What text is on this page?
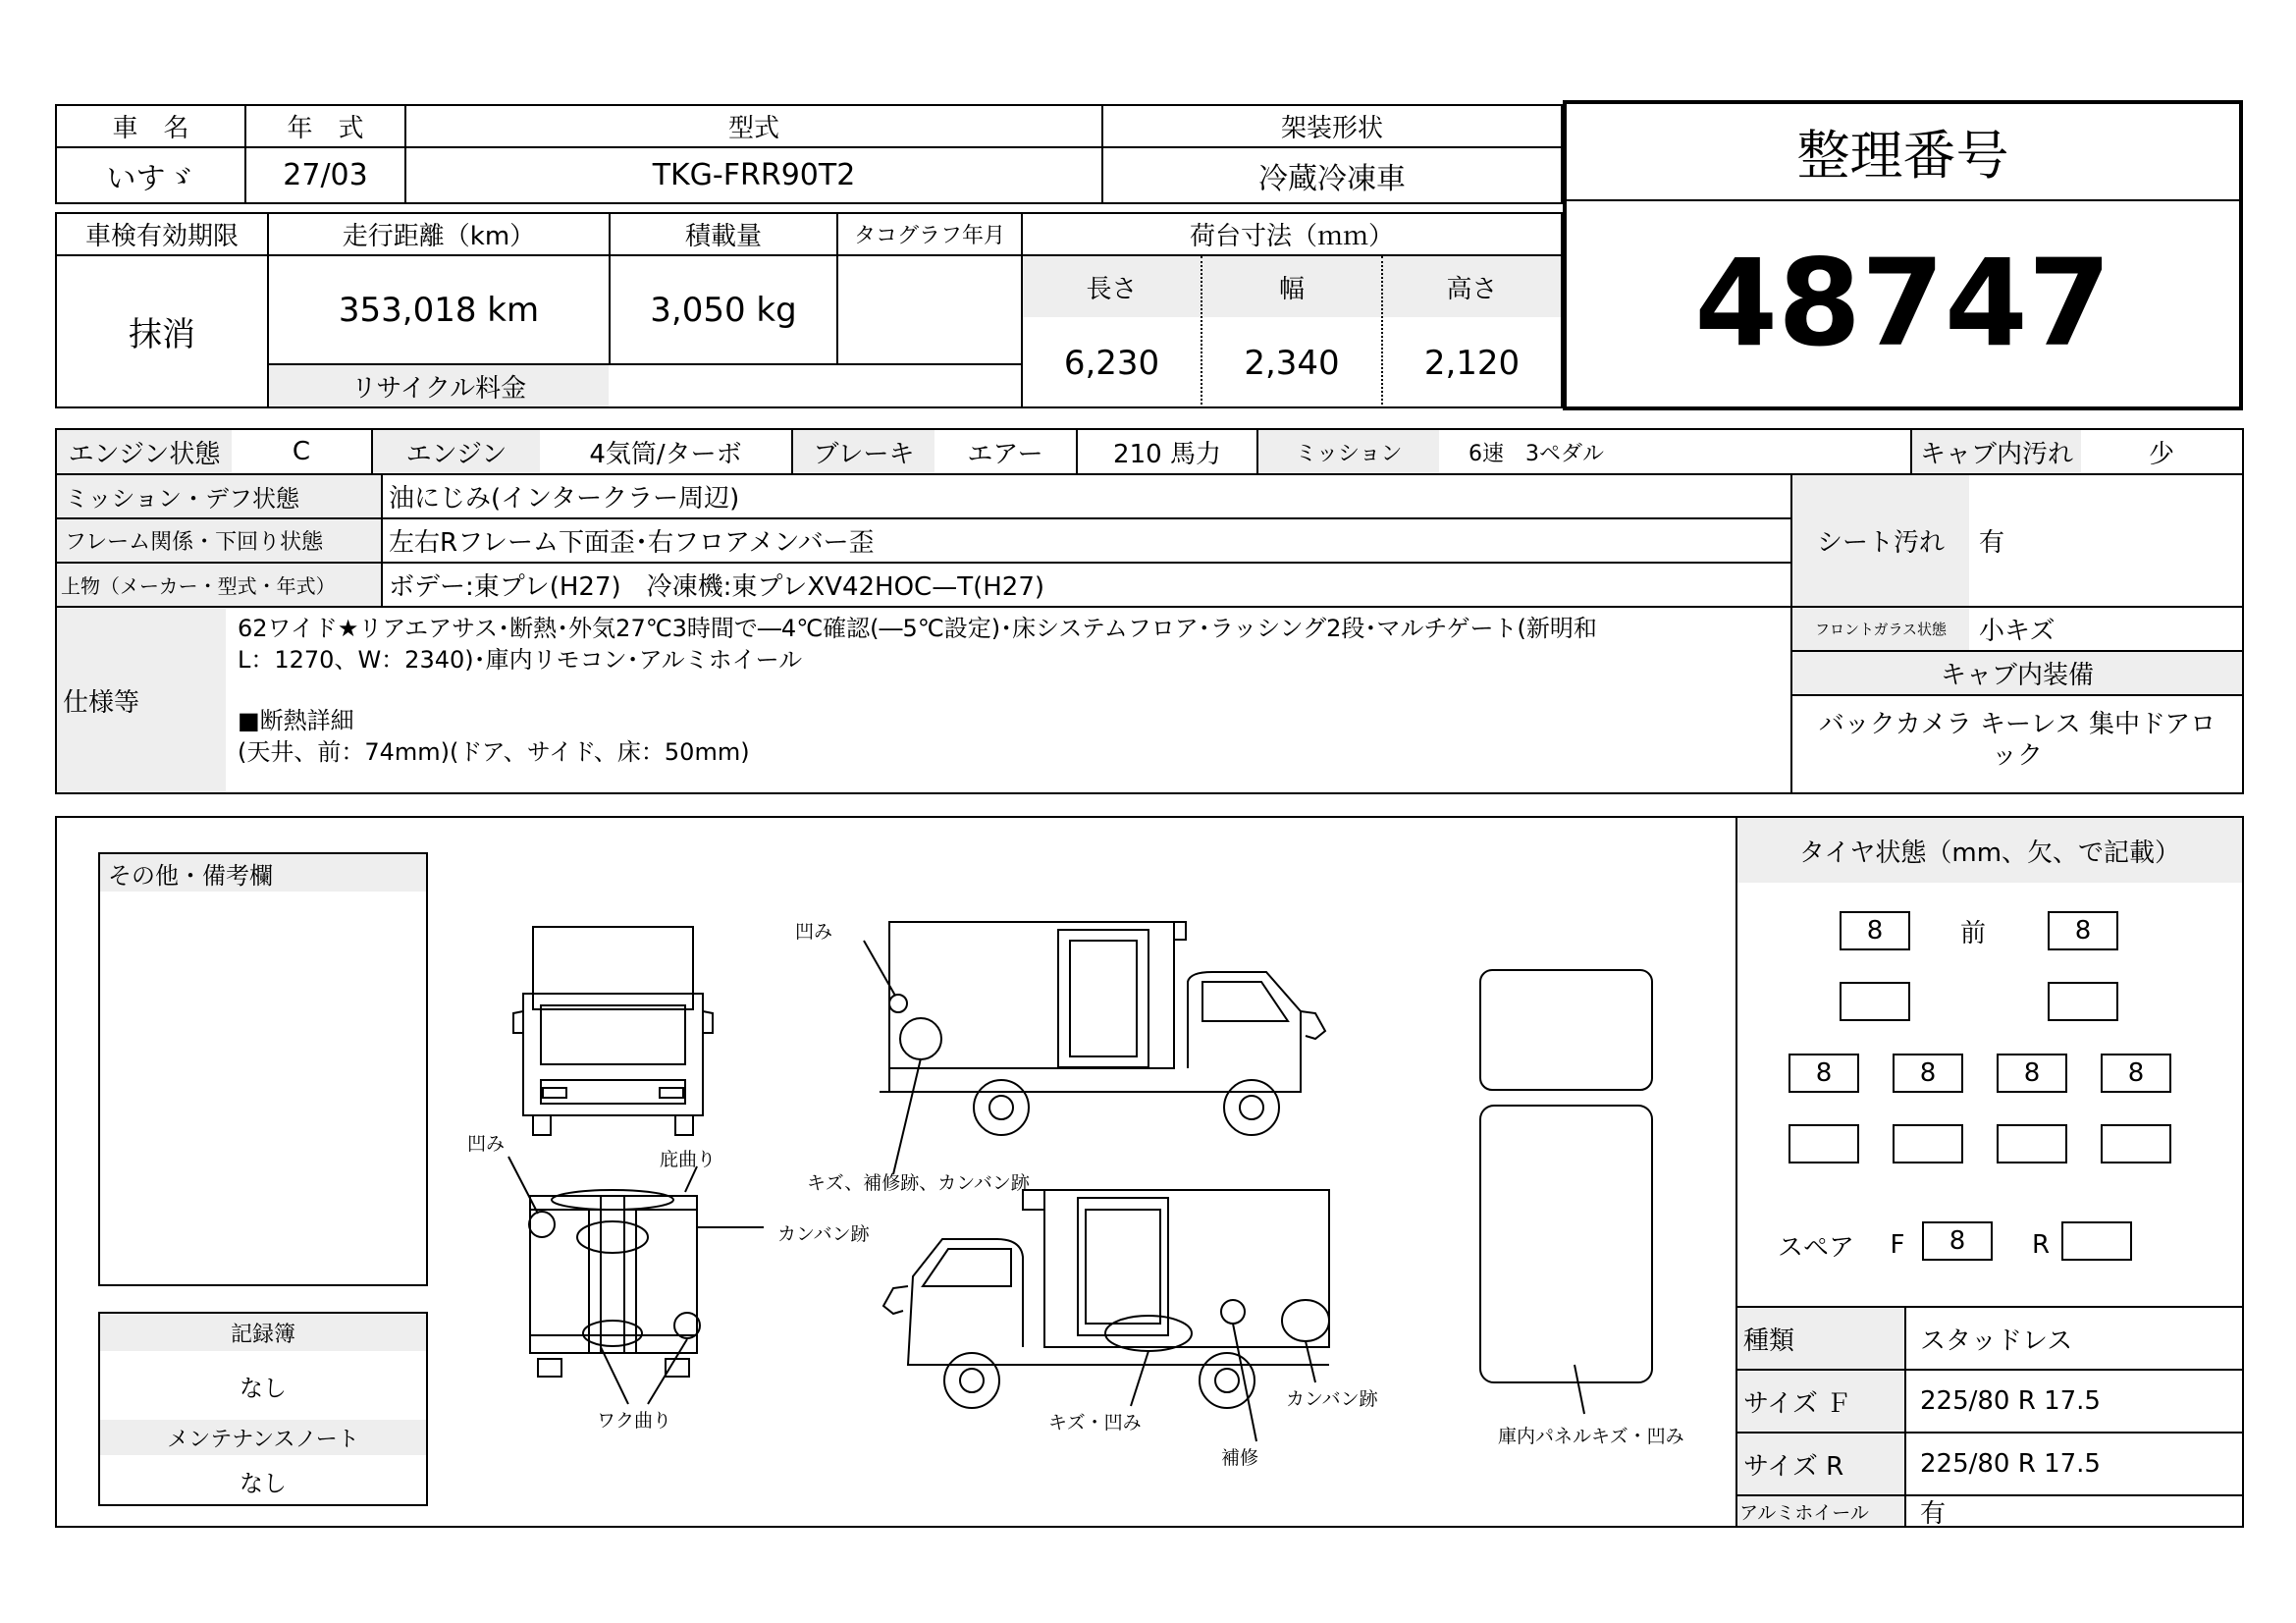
車　名	年　式	型式	架装形状
いすゞ	27/03	TKG-FRR90T2	冷蔵冷凍車	整理番号
48747
車検有効期限	走行距離（km）	積載量	タコグラフ年月	荷台寸法（ｍｍ）
抹消
353,018 km	3,050 kg
リサイクル料金
長さ	幅	高さ
6,230	2,340	2,120
エンジン状態	C	エンジン	4気筒/ターボ	ブレーキ	エアー	210 馬力	ミッション	6速　3ペダル	キャブ内汚れ	少
ミッション・デフ状態	油にじみ(インタークラー周辺)
フレーム関係・下回り状態	左右Rフレーム下面歪･右フロアメンバー歪
上物（メーカー・型式・年式）	ボデー:東プレ(H27)　冷凍機:東プレXV42HOC—T(H27)
シート汚れ	有
フロントガラス状態	小キズ
キャブ内装備
バックカメラ キーレス 集中ドアロ
ック
仕様等
62ワイド★リアエアサス･断熱･外気27℃3時間で―4℃確認(―5℃設定)･床システムフロア･ラッシング2段･マルチゲート(新明和
L：1270、W：2340)･庫内リモコン･アルミホイール
■断熱詳細
(天井、前：74mm)(ドア、サイド、床：50mm)
その他・備考欄
記録簿
なし
メンテナンスノート
なし
凹み
凹み
庇曲り
カンバン跡
キズ、補修跡、カンバン跡
ワク曲り	キズ・凹み
補修
カンバン跡
庫内パネルキズ・凹み
タイヤ状態（mm、欠、で記載）
8	前	8
8	8	8	8
スペア F	8	R
種類	スタッドレス
サイズ Ｆ	225/80 R 17.5
サイズ R	225/80 R 17.5
アルミホイール	有
